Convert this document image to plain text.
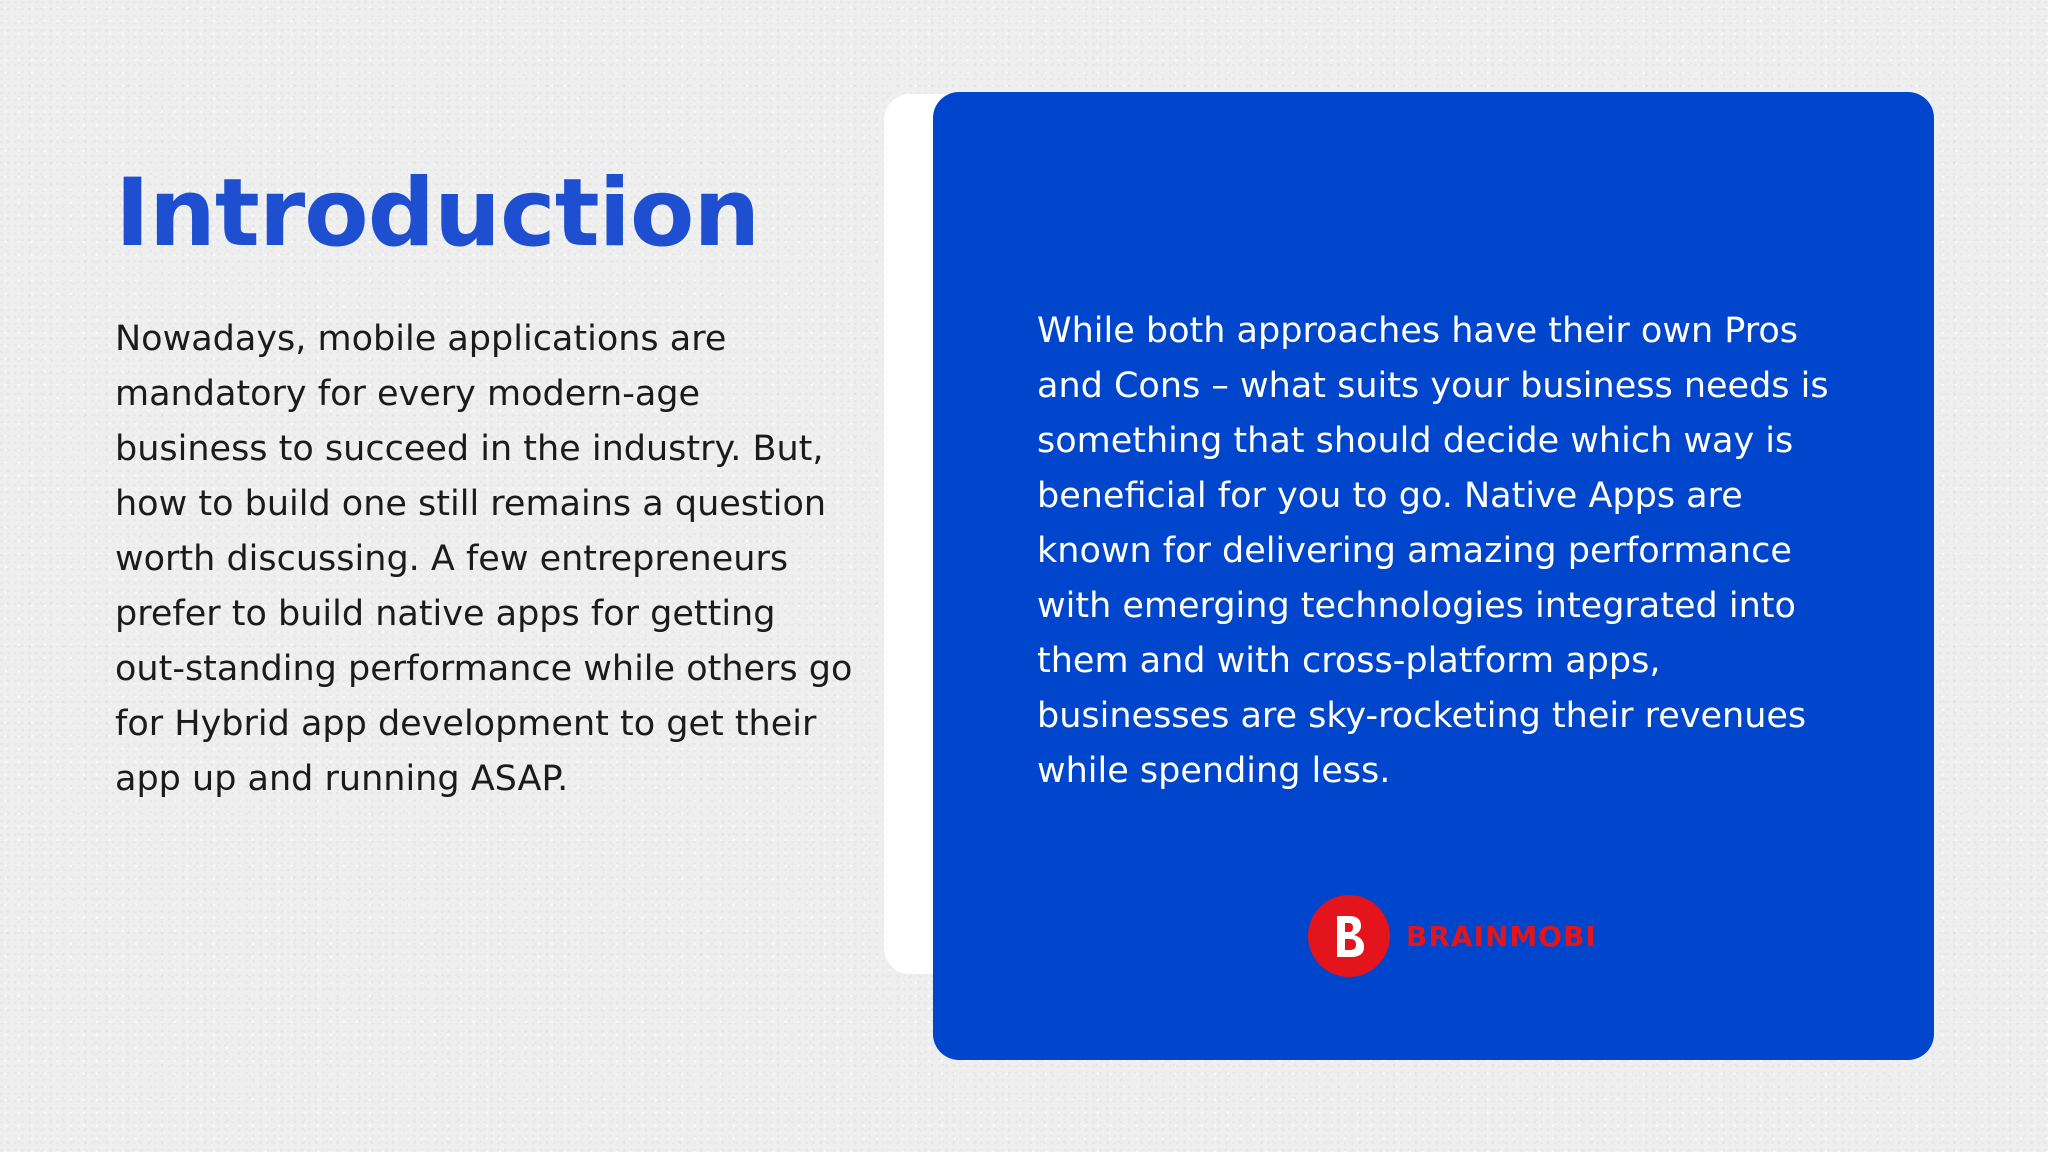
Introduction

Nowadays, mobile applications are mandatory for every modern-age business to succeed in the industry. But, how to build one still remains a question worth discussing. A few entrepreneurs prefer to build native apps for getting out-standing performance while others go for Hybrid app development to get their app up and running ASAP.

While both approaches have their own Pros and Cons – what suits your business needs is something that should decide which way is beneficial for you to go. Native Apps are known for delivering amazing performance with emerging technologies integrated into them and with cross-platform apps, businesses are sky-rocketing their revenues while spending less.

BRAINMOBI
